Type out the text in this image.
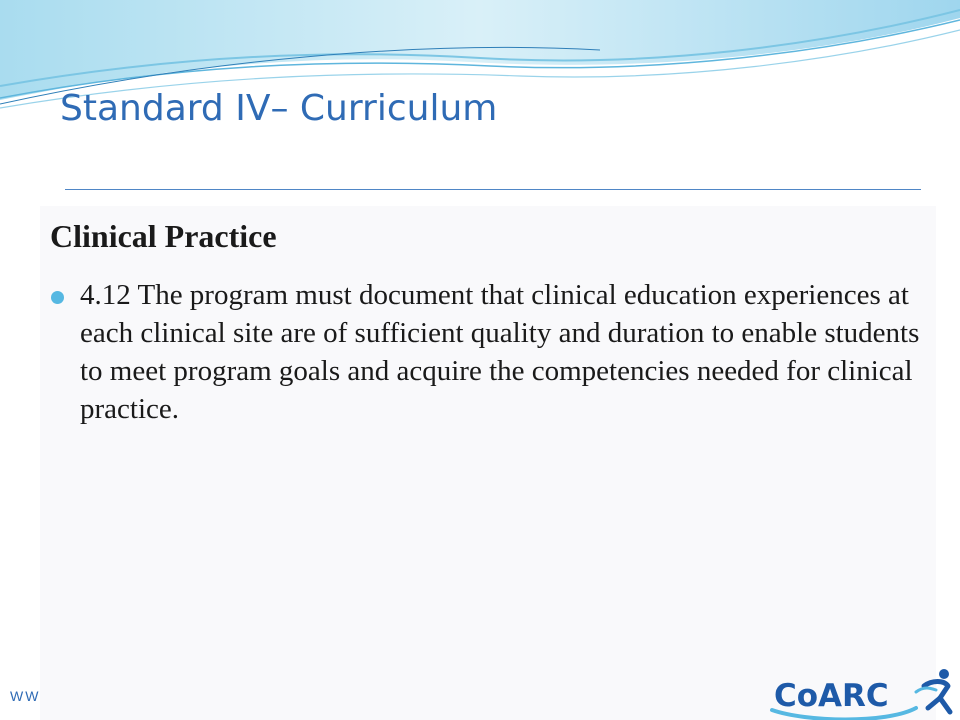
Standard IV– Curriculum
Clinical Practice
4.12 The program must document that clinical education experiences at each clinical site are of sufficient quality and duration to enable students to meet program goals and acquire the competencies needed for clinical practice.
WW	CoARC
